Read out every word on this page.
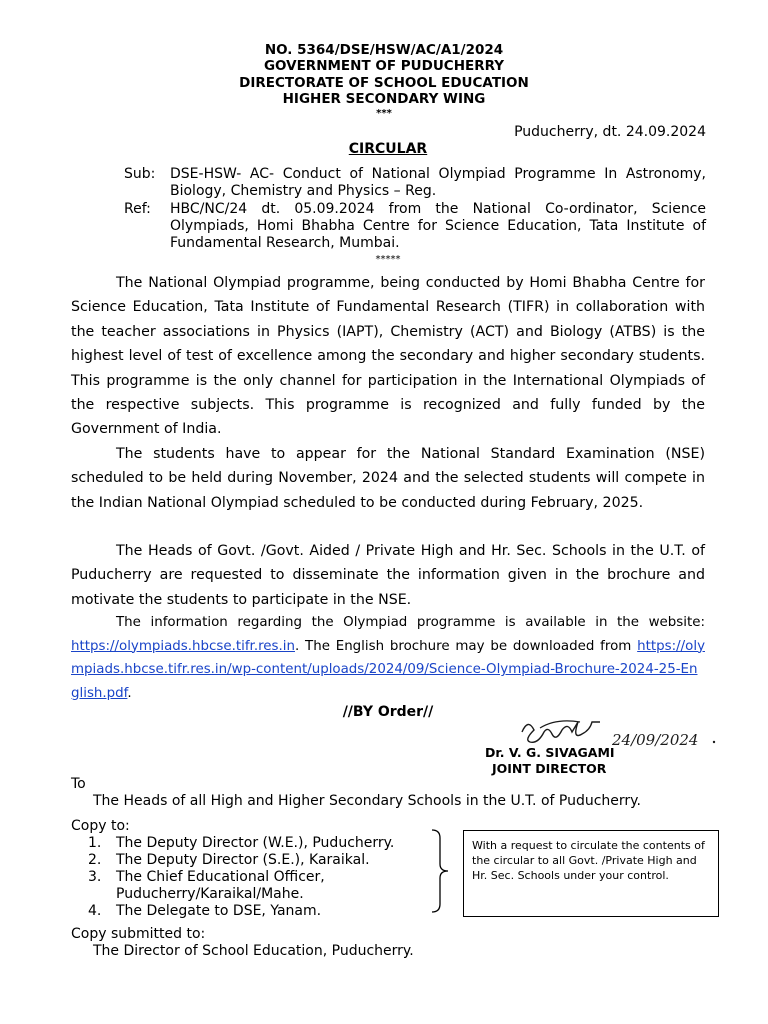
NO. 5364/DSE/HSW/AC/A1/2024
GOVERNMENT OF PUDUCHERRY
DIRECTORATE OF SCHOOL EDUCATION
HIGHER SECONDARY WING
***
Puducherry, dt. 24.09.2024
CIRCULAR
Sub: DSE-HSW- AC- Conduct of National Olympiad Programme In Astronomy, Biology, Chemistry and Physics – Reg.
Ref: HBC/NC/24 dt. 05.09.2024 from the National Co-ordinator, Science Olympiads, Homi Bhabha Centre for Science Education, Tata Institute of Fundamental Research, Mumbai.
*****

The National Olympiad programme, being conducted by Homi Bhabha Centre for Science Education, Tata Institute of Fundamental Research (TIFR) in collaboration with the teacher associations in Physics (IAPT), Chemistry (ACT) and Biology (ATBS) is the highest level of test of excellence among the secondary and higher secondary students. This programme is the only channel for participation in the International Olympiads of the respective subjects. This programme is recognized and fully funded by the Government of India.

The students have to appear for the National Standard Examination (NSE) scheduled to be held during November, 2024 and the selected students will compete in the Indian National Olympiad scheduled to be conducted during February, 2025.

The Heads of Govt. /Govt. Aided / Private High and Hr. Sec. Schools in the U.T. of Puducherry are requested to disseminate the information given in the brochure and motivate the students to participate in the NSE.

The information regarding the Olympiad programme is available in the website: https://olympiads.hbcse.tifr.res.in. The English brochure may be downloaded from https://olympiads.hbcse.tifr.res.in/wp-content/uploads/2024/09/Science-Olympiad-Brochure-2024-25-English.pdf.

//BY Order//
24/09/2024
Dr. V. G. SIVAGAMI
JOINT DIRECTOR
To
The Heads of all High and Higher Secondary Schools in the U.T. of Puducherry.
Copy to:
1.	The Deputy Director (W.E.), Puducherry.
2.	The Deputy Director (S.E.), Karaikal.
3.	The Chief Educational Officer, Puducherry/Karaikal/Mahe.
4.	The Delegate to DSE, Yanam.
With a request to circulate the contents of the circular to all Govt. /Private High and Hr. Sec. Schools under your control.
Copy submitted to:
The Director of School Education, Puducherry.
